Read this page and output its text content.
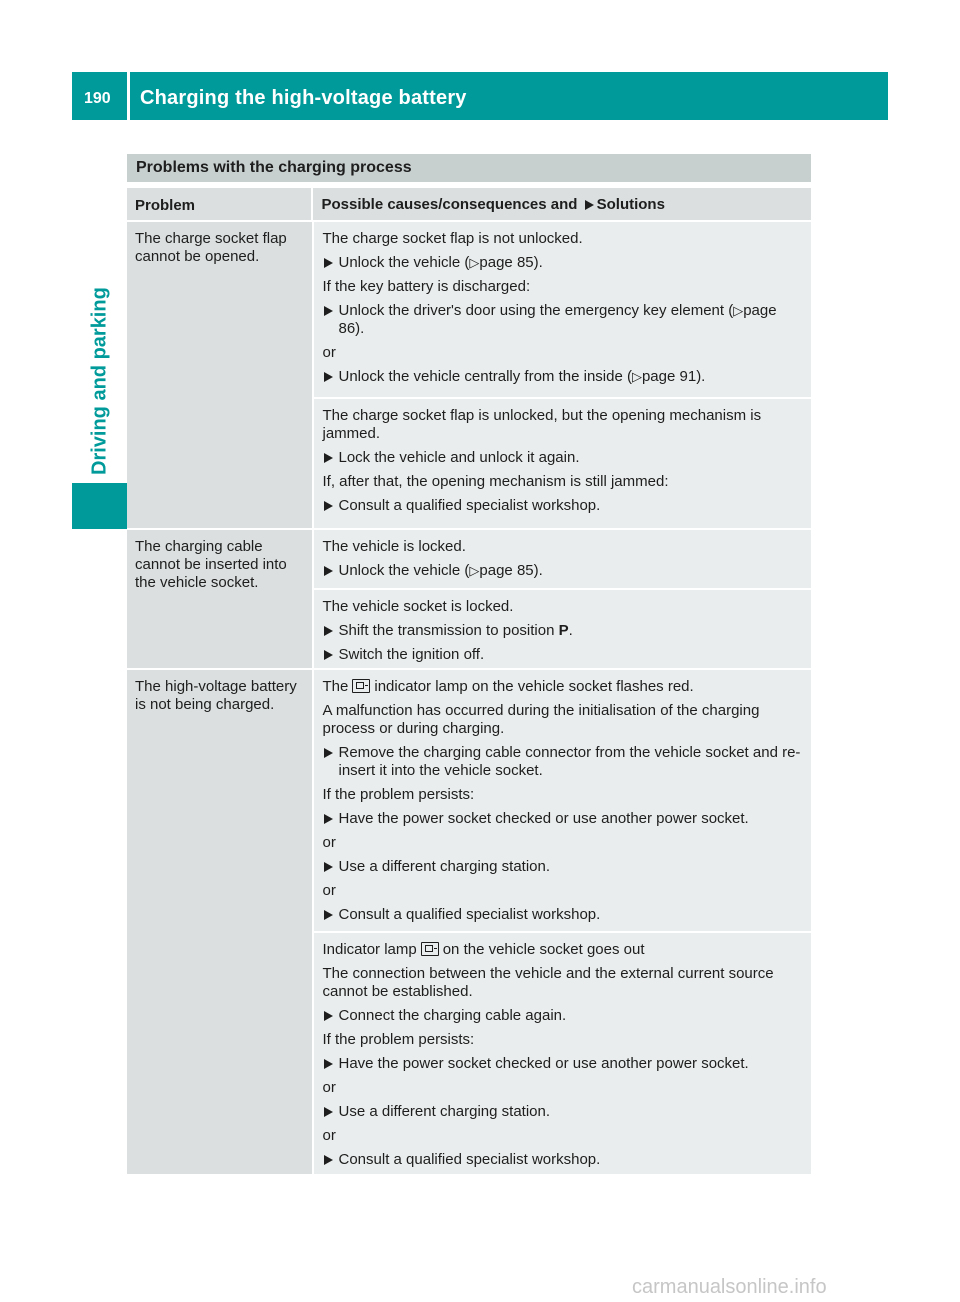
190 Charging the high-voltage battery
Driving and parking
Problems with the charging process
Problem	Possible causes/consequences and Solutions
The charge socket flap cannot be opened.

The charge socket flap is not unlocked.

Unlock the vehicle (▷page 85).

If the key battery is discharged:

Unlock the driver's door using the emergency key element (▷page 86).

or

Unlock the vehicle centrally from the inside (▷page 91).

The charge socket flap is unlocked, but the opening mechanism is jammed.

Lock the vehicle and unlock it again.

If, after that, the opening mechanism is still jammed:

Consult a qualified specialist workshop.

The charging cable cannot be inserted into the vehicle socket.

The vehicle is locked.

Unlock the vehicle (▷page 85).

The vehicle socket is locked.

Shift the transmission to position P.

Switch the ignition off.

The high-voltage battery is not being charged.

The indicator lamp on the vehicle socket flashes red.

A malfunction has occurred during the initialisation of the charging process or during charging.

Remove the charging cable connector from the vehicle socket and re-insert it into the vehicle socket.

If the problem persists:

Have the power socket checked or use another power socket.

or

Use a different charging station.

or

Consult a qualified specialist workshop.

Indicator lamp on the vehicle socket goes out

The connection between the vehicle and the external current source cannot be established.

Connect the charging cable again.

If the problem persists:

Have the power socket checked or use another power socket.

or

Use a different charging station.

or

Consult a qualified specialist workshop.

carmanualsonline.info
